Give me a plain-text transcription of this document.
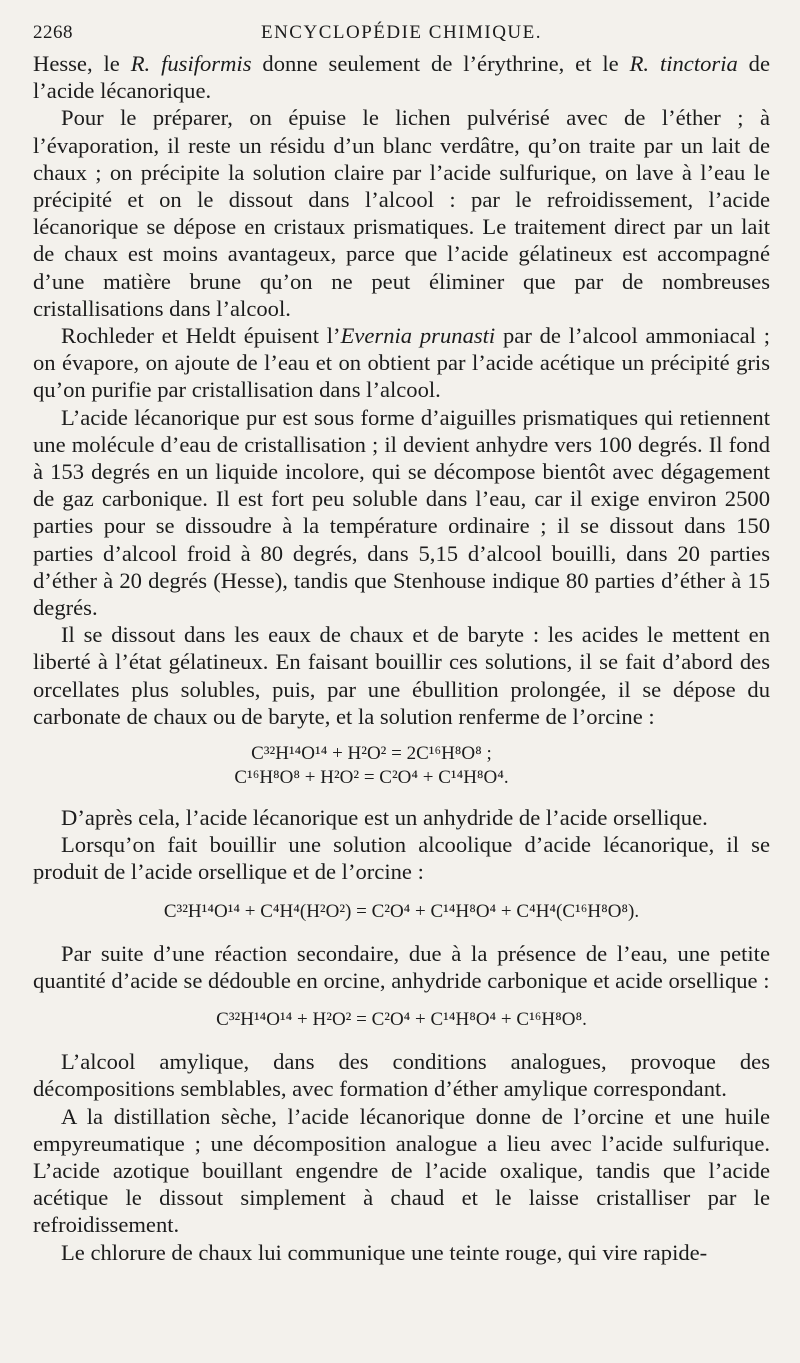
2268	ENCYCLOPÉDIE CHIMIQUE.

Hesse, le R. fusiformis donne seulement de l’érythrine, et le R. tinctoria de l’acide lécanorique.

Pour le préparer, on épuise le lichen pulvérisé avec de l’éther ; à l’évaporation, il reste un résidu d’un blanc verdâtre, qu’on traite par un lait de chaux ; on précipite la solution claire par l’acide sulfurique, on lave à l’eau le précipité et on le dissout dans l’alcool : par le refroidissement, l’acide lécanorique se dépose en cristaux prismatiques. Le traitement direct par un lait de chaux est moins avantageux, parce que l’acide gélatineux est accompagné d’une matière brune qu’on ne peut éliminer que par de nombreuses cristallisations dans l’alcool.

Rochleder et Heldt épuisent l’Evernia prunasti par de l’alcool ammoniacal ; on évapore, on ajoute de l’eau et on obtient par l’acide acétique un précipité gris qu’on purifie par cristallisation dans l’alcool.

L’acide lécanorique pur est sous forme d’aiguilles prismatiques qui retiennent une molécule d’eau de cristallisation ; il devient anhydre vers 100 degrés. Il fond à 153 degrés en un liquide incolore, qui se décompose bientôt avec dégagement de gaz carbonique. Il est fort peu soluble dans l’eau, car il exige environ 2500 parties pour se dissoudre à la température ordinaire ; il se dissout dans 150 parties d’alcool froid à 80 degrés, dans 5,15 d’alcool bouilli, dans 20 parties d’éther à 20 degrés (Hesse), tandis que Stenhouse indique 80 parties d’éther à 15 degrés.

Il se dissout dans les eaux de chaux et de baryte : les acides le mettent en liberté à l’état gélatineux. En faisant bouillir ces solutions, il se fait d’abord des orcellates plus solubles, puis, par une ébullition prolongée, il se dépose du carbonate de chaux ou de baryte, et la solution renferme de l’orcine :

C³²H¹⁴O¹⁴ + H²O² = 2C¹⁶H⁸O⁸ ;
C¹⁶H⁸O⁸ + H²O² = C²O⁴ + C¹⁴H⁸O⁴.

D’après cela, l’acide lécanorique est un anhydride de l’acide orsellique.

Lorsqu’on fait bouillir une solution alcoolique d’acide lécanorique, il se produit de l’acide orsellique et de l’orcine :

C³²H¹⁴O¹⁴ + C⁴H⁴(H²O²) = C²O⁴ + C¹⁴H⁸O⁴ + C⁴H⁴(C¹⁶H⁸O⁸).

Par suite d’une réaction secondaire, due à la présence de l’eau, une petite quantité d’acide se dédouble en orcine, anhydride carbonique et acide orsellique :

C³²H¹⁴O¹⁴ + H²O² = C²O⁴ + C¹⁴H⁸O⁴ + C¹⁶H⁸O⁸.

L’alcool amylique, dans des conditions analogues, provoque des décompositions semblables, avec formation d’éther amylique correspondant.

A la distillation sèche, l’acide lécanorique donne de l’orcine et une huile empyreumatique ; une décomposition analogue a lieu avec l’acide sulfurique. L’acide azotique bouillant engendre de l’acide oxalique, tandis que l’acide acétique le dissout simplement à chaud et le laisse cristalliser par le refroidissement.

Le chlorure de chaux lui communique une teinte rouge, qui vire rapide-
